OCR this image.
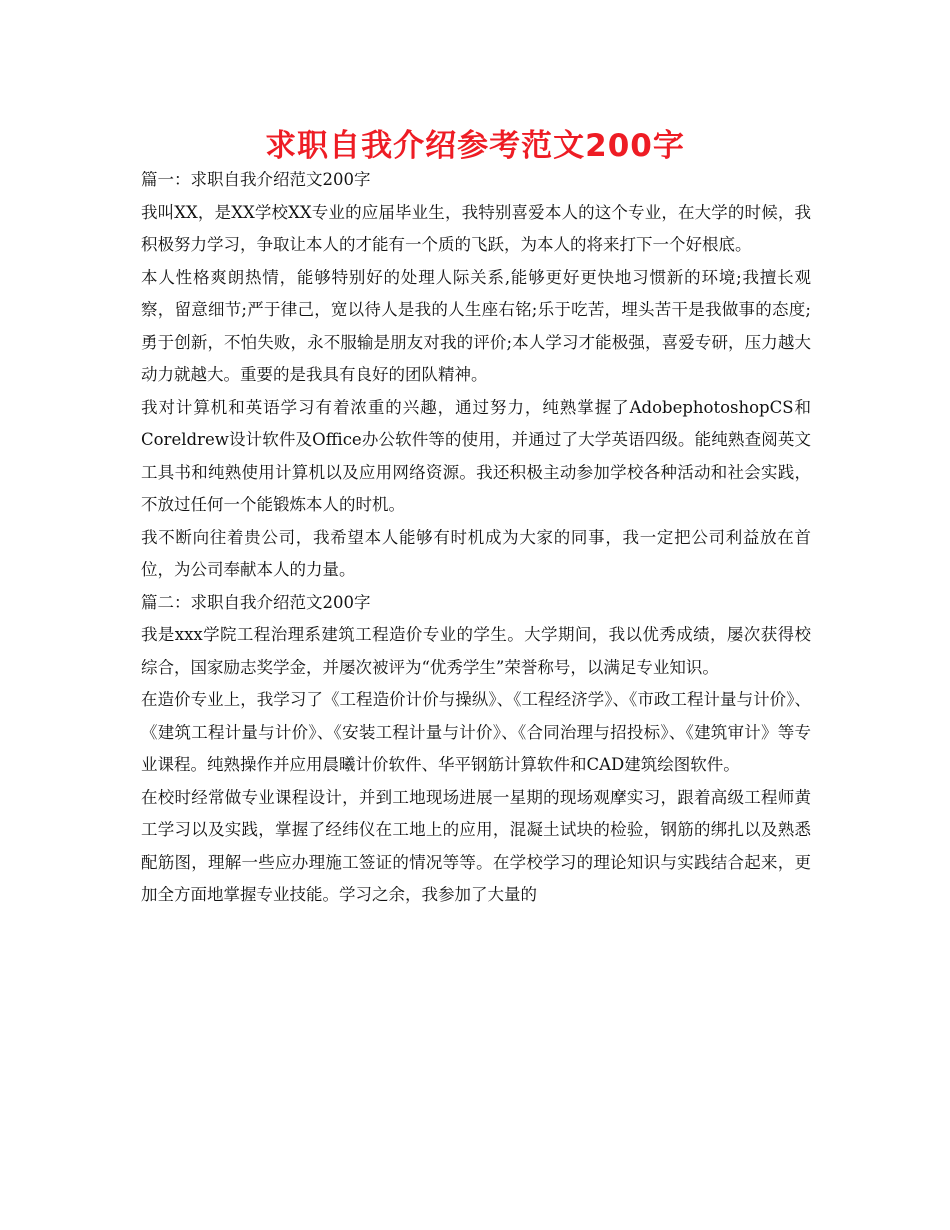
求职自我介绍参考范文200字

篇一：求职自我介绍范文200字

我叫XX，是XX学校XX专业的应届毕业生，我特别喜爱本人的这个专业，在大学的时候，我积极努力学习，争取让本人的才能有一个质的飞跃，为本人的将来打下一个好根底。

本人性格爽朗热情，能够特别好的处理人际关系,能够更好更快地习惯新的环境;我擅长观察，留意细节;严于律己，宽以待人是我的人生座右铭;乐于吃苦，埋头苦干是我做事的态度;勇于创新，不怕失败，永不服输是朋友对我的评价;本人学习才能极强，喜爱专研，压力越大动力就越大。重要的是我具有良好的团队精神。

我对计算机和英语学习有着浓重的兴趣，通过努力，纯熟掌握了AdobephotoshopCS和Coreldrew设计软件及Office办公软件等的使用，并通过了大学英语四级。能纯熟查阅英文工具书和纯熟使用计算机以及应用网络资源。我还积极主动参加学校各种活动和社会实践，不放过任何一个能锻炼本人的时机。

我不断向往着贵公司，我希望本人能够有时机成为大家的同事，我一定把公司利益放在首位，为公司奉献本人的力量。

篇二：求职自我介绍范文200字

我是xxx学院工程治理系建筑工程造价专业的学生。大学期间，我以优秀成绩，屡次获得校综合，国家励志奖学金，并屡次被评为“优秀学生”荣誉称号，以满足专业知识。

在造价专业上，我学习了《工程造价计价与操纵》、《工程经济学》、《市政工程计量与计价》、《建筑工程计量与计价》、《安装工程计量与计价》、《合同治理与招投标》、《建筑审计》等专业课程。纯熟操作并应用晨曦计价软件、华平钢筋计算软件和CAD建筑绘图软件。

在校时经常做专业课程设计，并到工地现场进展一星期的现场观摩实习，跟着高级工程师黄工学习以及实践，掌握了经纬仪在工地上的应用，混凝土试块的检验，钢筋的绑扎以及熟悉配筋图，理解一些应办理施工签证的情况等等。在学校学习的理论知识与实践结合起来，更加全方面地掌握专业技能。学习之余，我参加了大量的
